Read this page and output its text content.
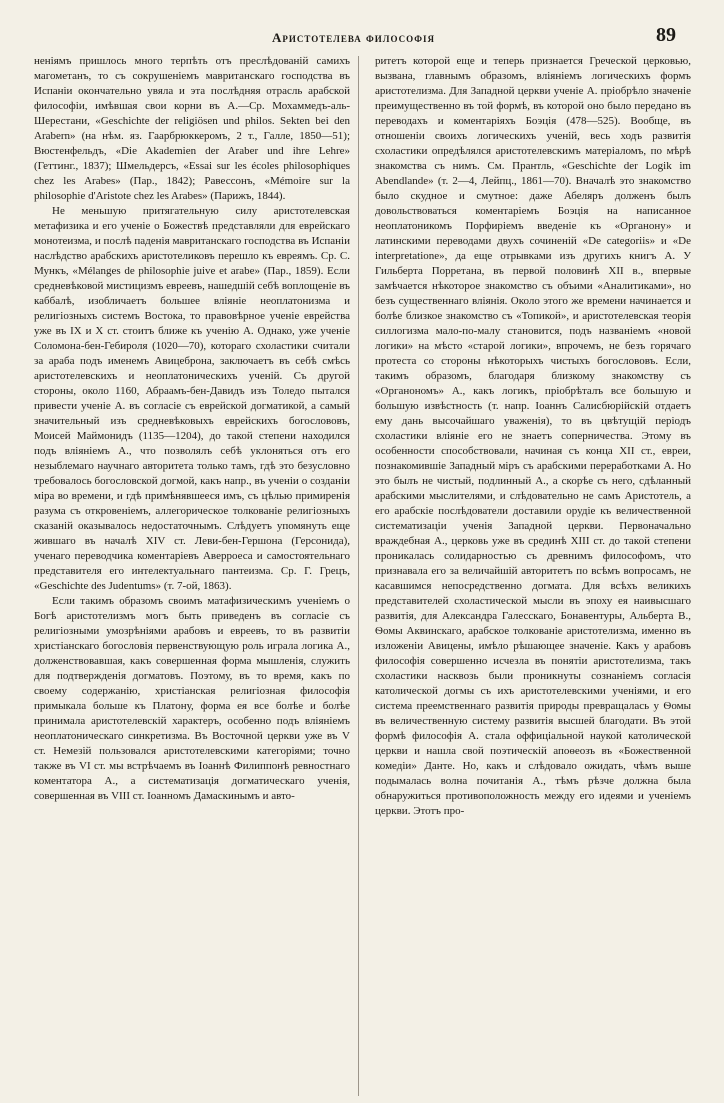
Аристотелева философія	89

неніямъ пришлось много терпѣть отъ преслѣдованій самихъ магометанъ, то съ сокрушеніемъ мавританскаго господства въ Испаніи окончательно увяла и эта послѣдняя отрасль арабской философіи, имѣвшая свои корни въ А.—Ср. Мохаммедъ-аль-Шерестани, «Geschichte der religiösen und philos. Sekten bei den Arabern» (на нѣм. яз. Гаарбрюккеромъ, 2 т., Галле, 1850—51); Вюстенфельдъ, «Die Akademien der Araber und ihre Lehre» (Геттинг., 1837); Шмельдерсъ, «Essai sur les écoles philosophiques chez les Arabes» (Пар., 1842); Равессонъ, «Mémoire sur la philosophie d'Aristote chez les Arabes» (Парижъ, 1844).

Не меньшую притягательную силу аристотелевская метафизика и его ученіе о Божествѣ представляли для еврейскаго монотеизма, и послѣ паденія мавританскаго господства въ Испаніи наслѣдство арабскихъ аристотеликовъ перешло къ евреямъ. Ср. С. Мункъ, «Mélanges de philosophie juive et arabe» (Пар., 1859). Если средневѣковой мистицизмъ евреевъ, нашедшій себѣ воплощеніе въ каббалѣ, изобличаетъ большее вліяніе неоплатонизма и религіозныхъ системъ Востока, то правовѣрное ученіе еврейства уже въ IX и X ст. стоитъ ближе къ ученію А. Однако, уже ученіе Соломона-бен-Гебироля (1020—70), котораго схоластики считали за араба подъ именемъ Авицеброна, заключаетъ въ себѣ смѣсь аристотелевскихъ и неоплатоническихъ ученій. Съ другой стороны, около 1160, Абраамъ-бен-Давидъ изъ Толедо пытался привести ученіе А. въ согласіе съ еврейской догматикой, а самый значительный изъ средневѣковыхъ еврейскихъ богослововъ, Моисей Маймонидъ (1135—1204), до такой степени находился подъ вліяніемъ А., что позволялъ себѣ уклоняться отъ его незыблемаго научнаго авторитета только тамъ, гдѣ это безусловно требовалось богословской догмой, какъ напр., въ ученіи о созданіи міра во времени, и гдѣ примѣнявшееся имъ, съ цѣлью примиренія разума съ откровеніемъ, аллегорическое толкованіе религіозныхъ сказаній оказывалось недостаточнымъ. Слѣдуетъ упомянуть еще жившаго въ началѣ XIV ст. Леви-бен-Гершона (Герсонида), ученаго переводчика коментаріевъ Аверроеса и самостоятельнаго представителя его интелектуальнаго пантеизма. Ср. Г. Грецъ, «Geschichte des Judentums» (т. 7-ой, 1863).

Если такимъ образомъ своимъ матафизическимъ ученіемъ о Богѣ аристотелизмъ могъ быть приведенъ въ согласіе съ религіозными умозрѣніями арабовъ и евреевъ, то въ развитіи христіанскаго богословія первенствующую роль играла логика А., долженствовавшая, какъ совершенная форма мышленія, служить для подтвержденія догматовъ. Поэтому, въ то время, какъ по своему содержанію, христіанская религіозная философія примыкала больше къ Платону, форма ея все болѣе и болѣе принимала аристотелевскій характеръ, особенно подъ вліяніемъ неоплатоническаго синкретизма. Въ Восточной церкви уже въ V ст. Немезій пользовался аристотелевскими категоріями; точно также въ VI ст. мы встрѣчаемъ въ Іоаннѣ Филиппонѣ ревностнаго коментатора А., а систематизація догматическаго ученія, совершенная въ VIII ст. Іоанномъ Дамаскинымъ и авто-

ритетъ которой еще и теперь признается Греческой церковью, вызвана, главнымъ образомъ, вліяніемъ логическихъ формъ аристотелизма. Для Западной церкви ученіе А. пріобрѣло значеніе преимущественно въ той формѣ, въ которой оно было передано въ переводахъ и коментаріяхъ Боэція (478—525). Вообще, въ отношеніи своихъ логическихъ ученій, весь ходъ развитія схоластики опредѣлялся аристотелевскимъ матеріаломъ, по мѣрѣ знакомства съ нимъ. См. Прантль, «Geschichte der Logik im Abendlande» (т. 2—4, Лейпц., 1861—70). Вначалѣ это знакомство было скудное и смутное: даже Абеляръ долженъ былъ довольствоваться коментаріемъ Боэція на написанное неоплатоникомъ Порфиріемъ введеніе къ «Органону» и латинскими переводами двухъ сочиненій «De categoriis» и «De interpretatione», да еще отрывками изъ другихъ книгъ А. У Гильберта Порретана, въ первой половинѣ XII в., впервые замѣчается нѣкоторое знакомство съ объими «Аналитиками», но безъ существеннаго вліянія. Около этого же времени начинается и болѣе близкое знакомство съ «Топикой», и аристотелевская теорія силлогизма мало-по-малу становится, подъ названіемъ «новой логики» на мѣсто «старой логики», впрочемъ, не безъ горячаго протеста со стороны нѣкоторыхъ чистыхъ богослововъ. Если, такимъ образомъ, благодаря близкому знакомству съ «Органономъ» А., какъ логикъ, пріобрѣталъ все большую и большую извѣстность (т. напр. Іоаннъ Салисбюрійскій отдаетъ ему дань высочайшаго уваженія), то въ цвѣтущій періодъ схоластики вліяніе его не знаетъ соперничества. Этому въ особенности способствовали, начиная съ конца XII ст., евреи, познакомившіе Западный міръ съ арабскими переработками А. Но это былъ не чистый, подлинный А., а скорѣе съ него, сдѣланный арабскими мыслителями, и слѣдовательно не самъ Аристотель, а его арабскіе послѣдователи доставили орудіе къ величественной систематизаціи ученія Западной церкви. Первоначально враждебная А., церковь уже въ срединѣ XIII ст. до такой степени проникалась солидарностью съ древнимъ философомъ, что признавала его за величайшій авторитетъ по всѣмъ вопросамъ, не касавшимся непосредственно догмата. Для всѣхъ великихъ представителей схоластической мысли въ эпоху ея наивысшаго развитія, для Александра Галесскаго, Бонавентуры, Альберта В., Ѳомы Аквинскаго, арабское толкованіе аристотелизма, именно въ изложеніи Авицены, имѣло рѣшающее значеніе. Какъ у арабовъ философія совершенно исчезла въ понятіи аристотелизма, такъ схоластики насквозь были проникнуты сознаніемъ согласія католической догмы съ ихъ аристотелевскими ученіями, и его система преемственнаго развитія природы превращалась у Ѳомы въ величественную систему развитія высшей благодати. Въ этой формѣ философія А. стала оффиціальной наукой католической церкви и нашла свой поэтическій апоѳеозъ въ «Божественной комедіи» Данте. Но, какъ и слѣдовало ожидать, чѣмъ выше подымалась волна почитанія А., тѣмъ рѣзче должна была обнаружиться противоположность между его идеями и ученіемъ церкви. Этотъ про-
